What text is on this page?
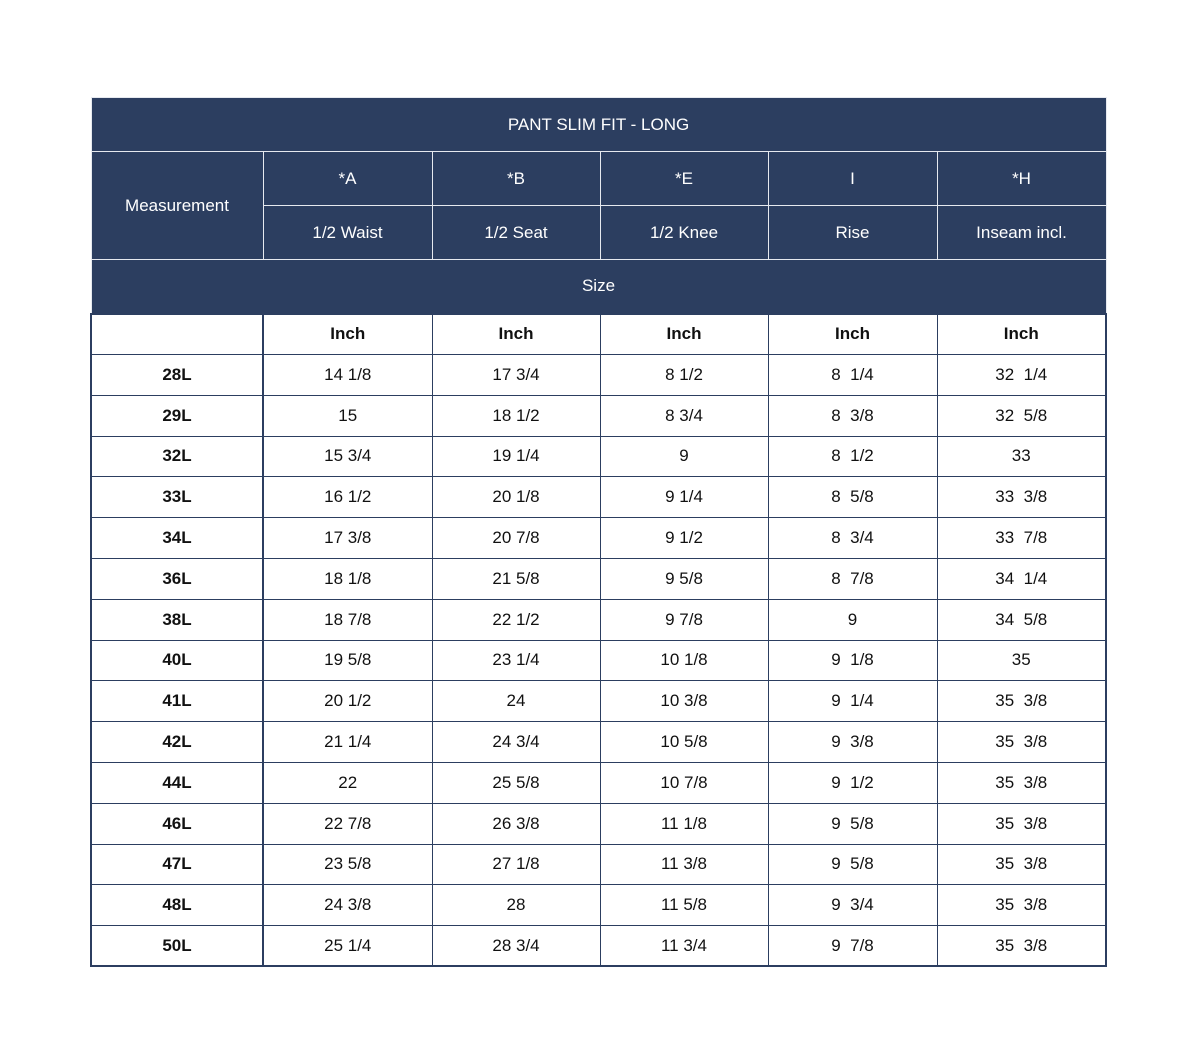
PANT SLIM FIT - LONG					
Measurement	*A	*B	*E	I	*H
	1/2 Waist	1/2 Seat	1/2 Knee	Rise	Inseam incl.
Size					
	Inch	Inch	Inch	Inch	Inch
28L	14 1/8	17 3/4	8 1/2	8  1/4	32  1/4
29L	15	18 1/2	8 3/4	8  3/8	32  5/8
32L	15 3/4	19 1/4	9	8  1/2	33
33L	16 1/2	20 1/8	9 1/4	8  5/8	33  3/8
34L	17 3/8	20 7/8	9 1/2	8  3/4	33  7/8
36L	18 1/8	21 5/8	9 5/8	8  7/8	34  1/4
38L	18 7/8	22 1/2	9 7/8	9	34  5/8
40L	19 5/8	23 1/4	10 1/8	9  1/8	35
41L	20 1/2	24	10 3/8	9  1/4	35  3/8
42L	21 1/4	24 3/4	10 5/8	9  3/8	35  3/8
44L	22	25 5/8	10 7/8	9  1/2	35  3/8
46L	22 7/8	26 3/8	11 1/8	9  5/8	35  3/8
47L	23 5/8	27 1/8	11 3/8	9  5/8	35  3/8
48L	24 3/8	28	11 5/8	9  3/4	35  3/8
50L	25 1/4	28 3/4	11 3/4	9  7/8	35  3/8
